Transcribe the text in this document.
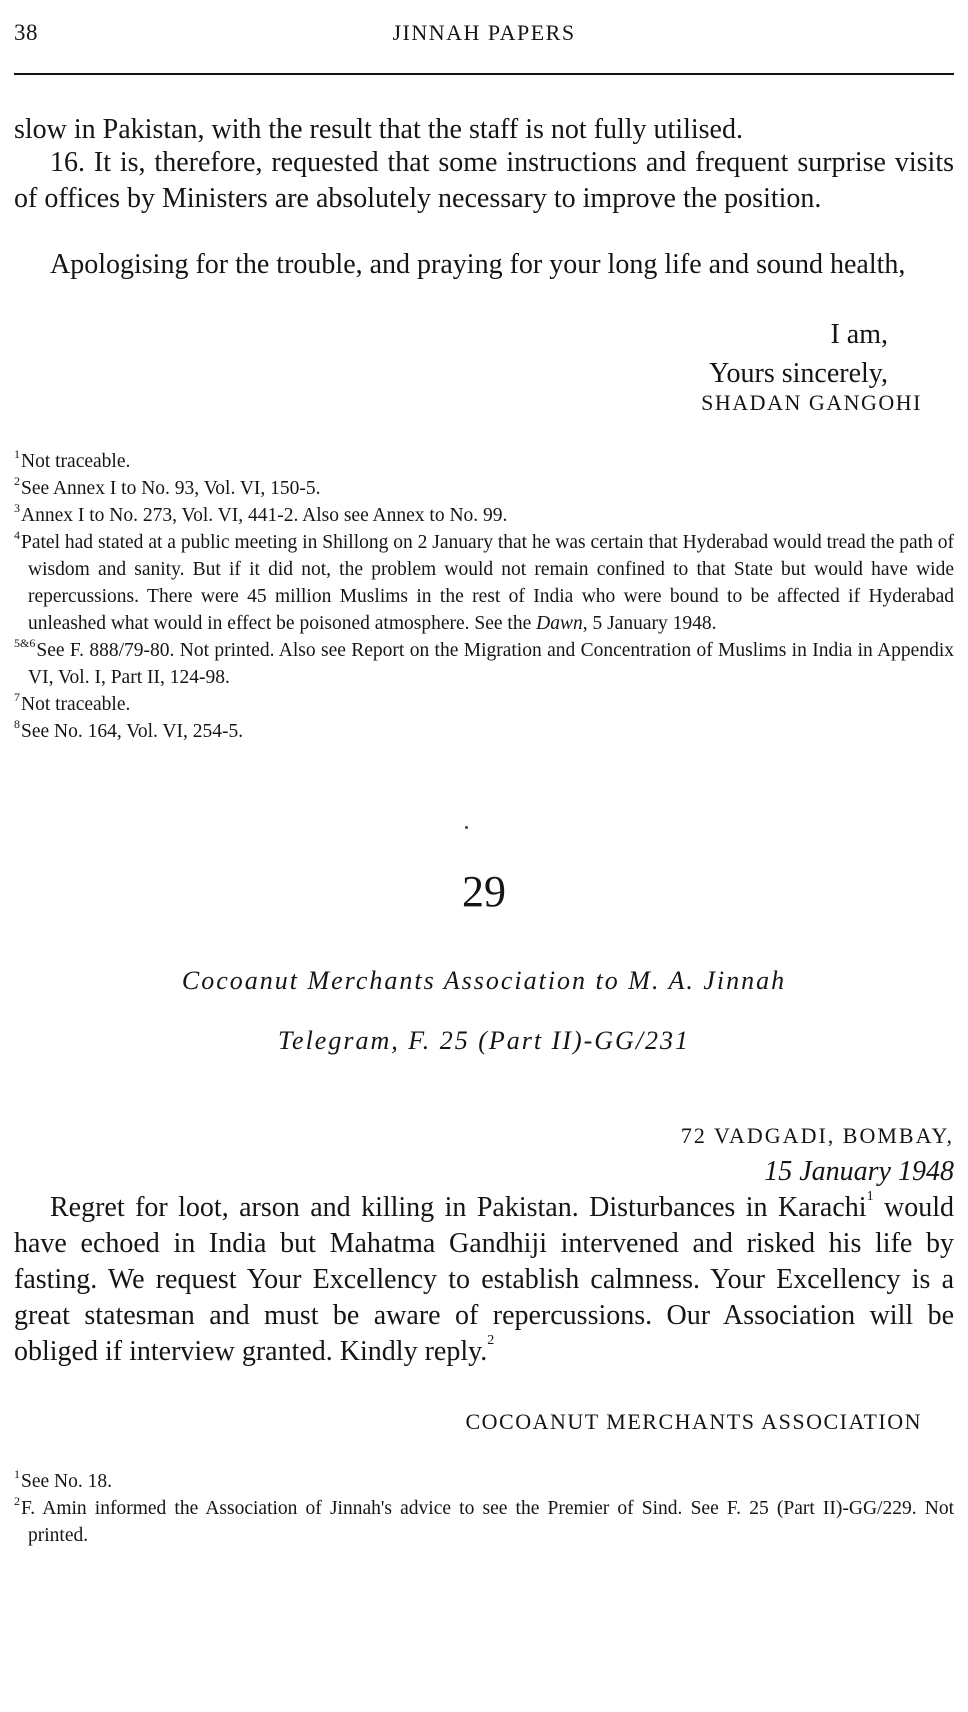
38	JINNAH PAPERS

slow in Pakistan, with the result that the staff is not fully utilised.

16. It is, therefore, requested that some instructions and frequent surprise visits of offices by Ministers are absolutely necessary to improve the position.

Apologising for the trouble, and praying for your long life and sound health,

I am,

Yours sincerely,

SHADAN GANGOHI

$^1$Not traceable.

$^2$See Annex I to No. 93, Vol. VI, 150-5.

$^3$Annex I to No. 273, Vol. VI, 441-2. Also see Annex to No. 99.

$^4$Patel had stated at a public meeting in Shillong on 2 January that he was certain that Hyderabad would tread the path of wisdom and sanity. But if it did not, the problem would not remain confined to that State but would have wide repercussions. There were 45 million Muslims in the rest of India who were bound to be affected if Hyderabad unleashed what would in effect be poisoned atmosphere. See the Dawn, 5 January 1948.

$^{5\&6}$See F. 888/79-80. Not printed. Also see Report on the Migration and Concentration of Muslims in India in Appendix VI, Vol. I, Part II, 124-98.

$^7$Not traceable.

$^8$See No. 164, Vol. VI, 254-5.

29
Cocoanut Merchants Association to M. A. Jinnah
Telegram, F. 25 (Part II)-GG/231
72 VADGADI, BOMBAY,
15 January 1948

Regret for loot, arson and killing in Pakistan. Disturbances in Karachi$^1$ would have echoed in India but Mahatma Gandhiji intervened and risked his life by fasting. We request Your Excellency to establish calmness. Your Excellency is a great statesman and must be aware of repercussions. Our Association will be obliged if interview granted. Kindly reply.$^2$

COCOANUT MERCHANTS ASSOCIATION

$^1$See No. 18.

$^2$F. Amin informed the Association of Jinnah's advice to see the Premier of Sind. See F. 25 (Part II)-GG/229. Not printed.
